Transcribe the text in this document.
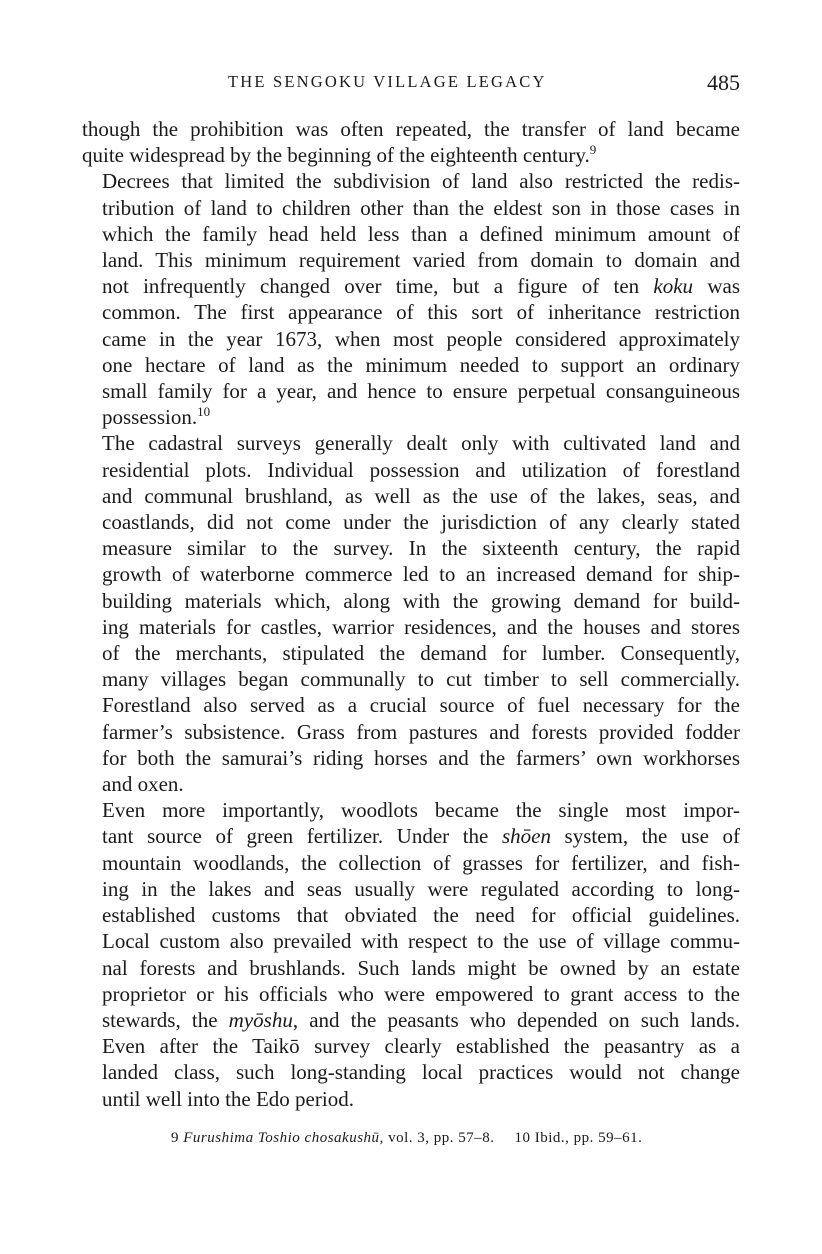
THE SENGOKU VILLAGE LEGACY	485

though the prohibition was often repeated, the transfer of land became
quite widespread by the beginning of the eighteenth century.$^9$

Decrees that limited the subdivision of land also restricted the redis-
tribution of land to children other than the eldest son in those cases in
which the family head held less than a defined minimum amount of
land. This minimum requirement varied from domain to domain and
not infrequently changed over time, but a figure of ten koku was
common. The first appearance of this sort of inheritance restriction
came in the year 1673, when most people considered approximately
one hectare of land as the minimum needed to support an ordinary
small family for a year, and hence to ensure perpetual consanguineous
possession.$^{10}$

The cadastral surveys generally dealt only with cultivated land and
residential plots. Individual possession and utilization of forestland
and communal brushland, as well as the use of the lakes, seas, and
coastlands, did not come under the jurisdiction of any clearly stated
measure similar to the survey. In the sixteenth century, the rapid
growth of waterborne commerce led to an increased demand for ship-
building materials which, along with the growing demand for build-
ing materials for castles, warrior residences, and the houses and stores
of the merchants, stipulated the demand for lumber. Consequently,
many villages began communally to cut timber to sell commercially.
Forestland also served as a crucial source of fuel necessary for the
farmer’s subsistence. Grass from pastures and forests provided fodder
for both the samurai’s riding horses and the farmers’ own workhorses
and oxen.

Even more importantly, woodlots became the single most impor-
tant source of green fertilizer. Under the shōen system, the use of
mountain woodlands, the collection of grasses for fertilizer, and fish-
ing in the lakes and seas usually were regulated according to long-
established customs that obviated the need for official guidelines.
Local custom also prevailed with respect to the use of village commu-
nal forests and brushlands. Such lands might be owned by an estate
proprietor or his officials who were empowered to grant access to the
stewards, the myōshu, and the peasants who depended on such lands.
Even after the Taikō survey clearly established the peasantry as a
landed class, such long-standing local practices would not change
until well into the Edo period.

9 Furushima Toshio chosakushū, vol. 3, pp. 57–8. 10 Ibid., pp. 59–61.
